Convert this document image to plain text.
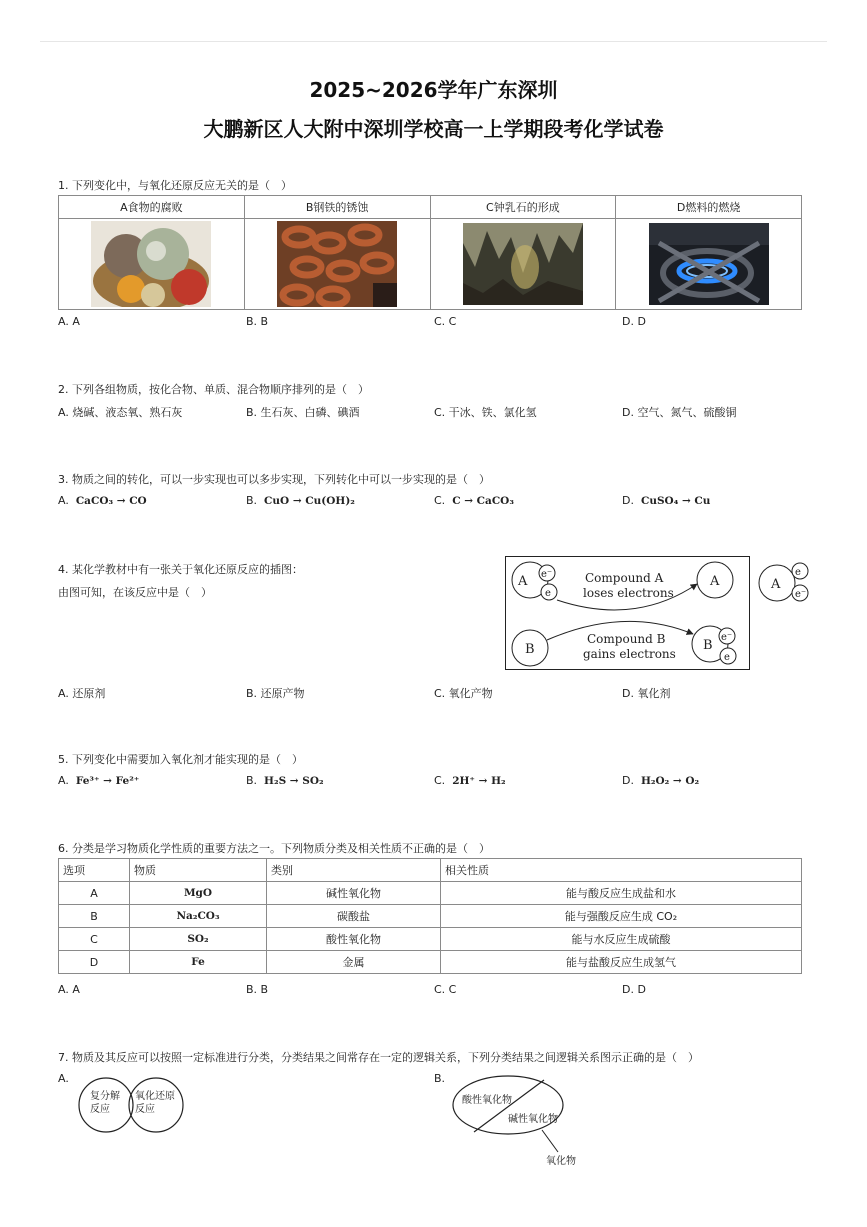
2025~2026学年广东深圳
大鹏新区人大附中深圳学校高一上学期段考化学试卷
1. 下列变化中，与氧化还原反应无关的是（　）
A食物的腐败	B钢铁的锈蚀	C钟乳石的形成	D燃料的燃烧

A. A	B. B	C. C	D. D
2. 下列各组物质，按化合物、单质、混合物顺序排列的是（　）
A. 烧碱、液态氧、熟石灰	B. 生石灰、白磷、碘酒	C. 干冰、铁、氯化氢	D. 空气、氮气、硫酸铜
3. 物质之间的转化，可以一步实现也可以多步实现，下列转化中可以一步实现的是（　）
A. CaCO₃ → CO	B. CuO → Cu(OH)₂	C. C → CaCO₃	D. CuSO₄ → Cu
4. 某化学教材中有一张关于氧化还原反应的插图：
由图可知，在该反应中是（　）
A e⁻
e
A
B	B
e⁻
e
Compound A
loses electrons
Compound B
gains electrons
A
e
e⁻
A. 还原剂	B. 还原产物	C. 氧化产物	D. 氧化剂
5. 下列变化中需要加入氧化剂才能实现的是（　）
A. Fe³⁺ → Fe²⁺	B. H₂S → SO₂	C. 2H⁺ → H₂	D. H₂O₂ → O₂
6. 分类是学习物质化学性质的重要方法之一。下列物质分类及相关性质不正确的是（　）
选项	物质	类别	相关性质
A	MgO	碱性氧化物	能与酸反应生成盐和水
B	Na₂CO₃	碳酸盐	能与强酸反应生成 CO₂
C	SO₂	酸性氧化物	能与水反应生成硫酸
D	Fe	金属	能与盐酸反应生成氢气
A. A	B. B	C. C	D. D
7. 物质及其反应可以按照一定标准进行分类，分类结果之间常存在一定的逻辑关系，下列分类结果之间逻辑关系图示正确的是（　）
A.
复分解
反应
氧化还原
反应
B.
酸性氧化物
碱性氧化物
氧化物
